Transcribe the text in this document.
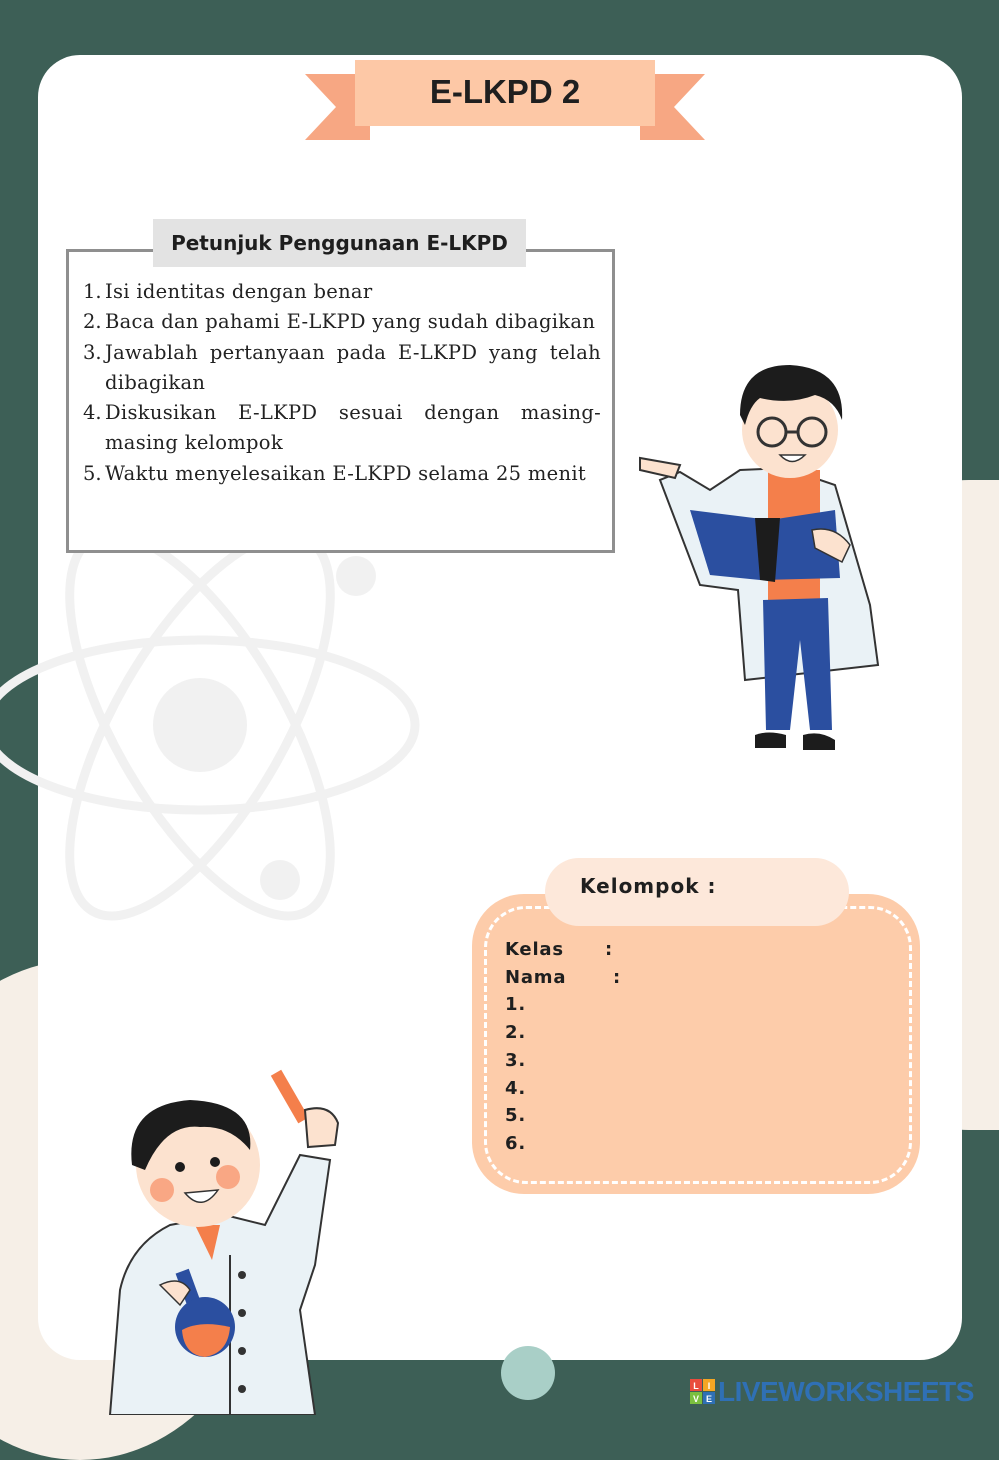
E-LKPD 2
1. Isi identitas dengan benar
2. Baca dan pahami E-LKPD yang sudah dibagikan
3. Jawablah pertanyaan pada E-LKPD yang telah dibagikan
4. Diskusikan E-LKPD sesuai dengan masing-masing kelompok
5. Waktu menyelesaikan E-LKPD selama 25 menit
Petunjuk Penggunaan E-LKPD
Kelompok :
Kelas :
Nama	:
1.
2.
3.
4.
5.
6.
L I
V E LIVEWORKSHEETS
